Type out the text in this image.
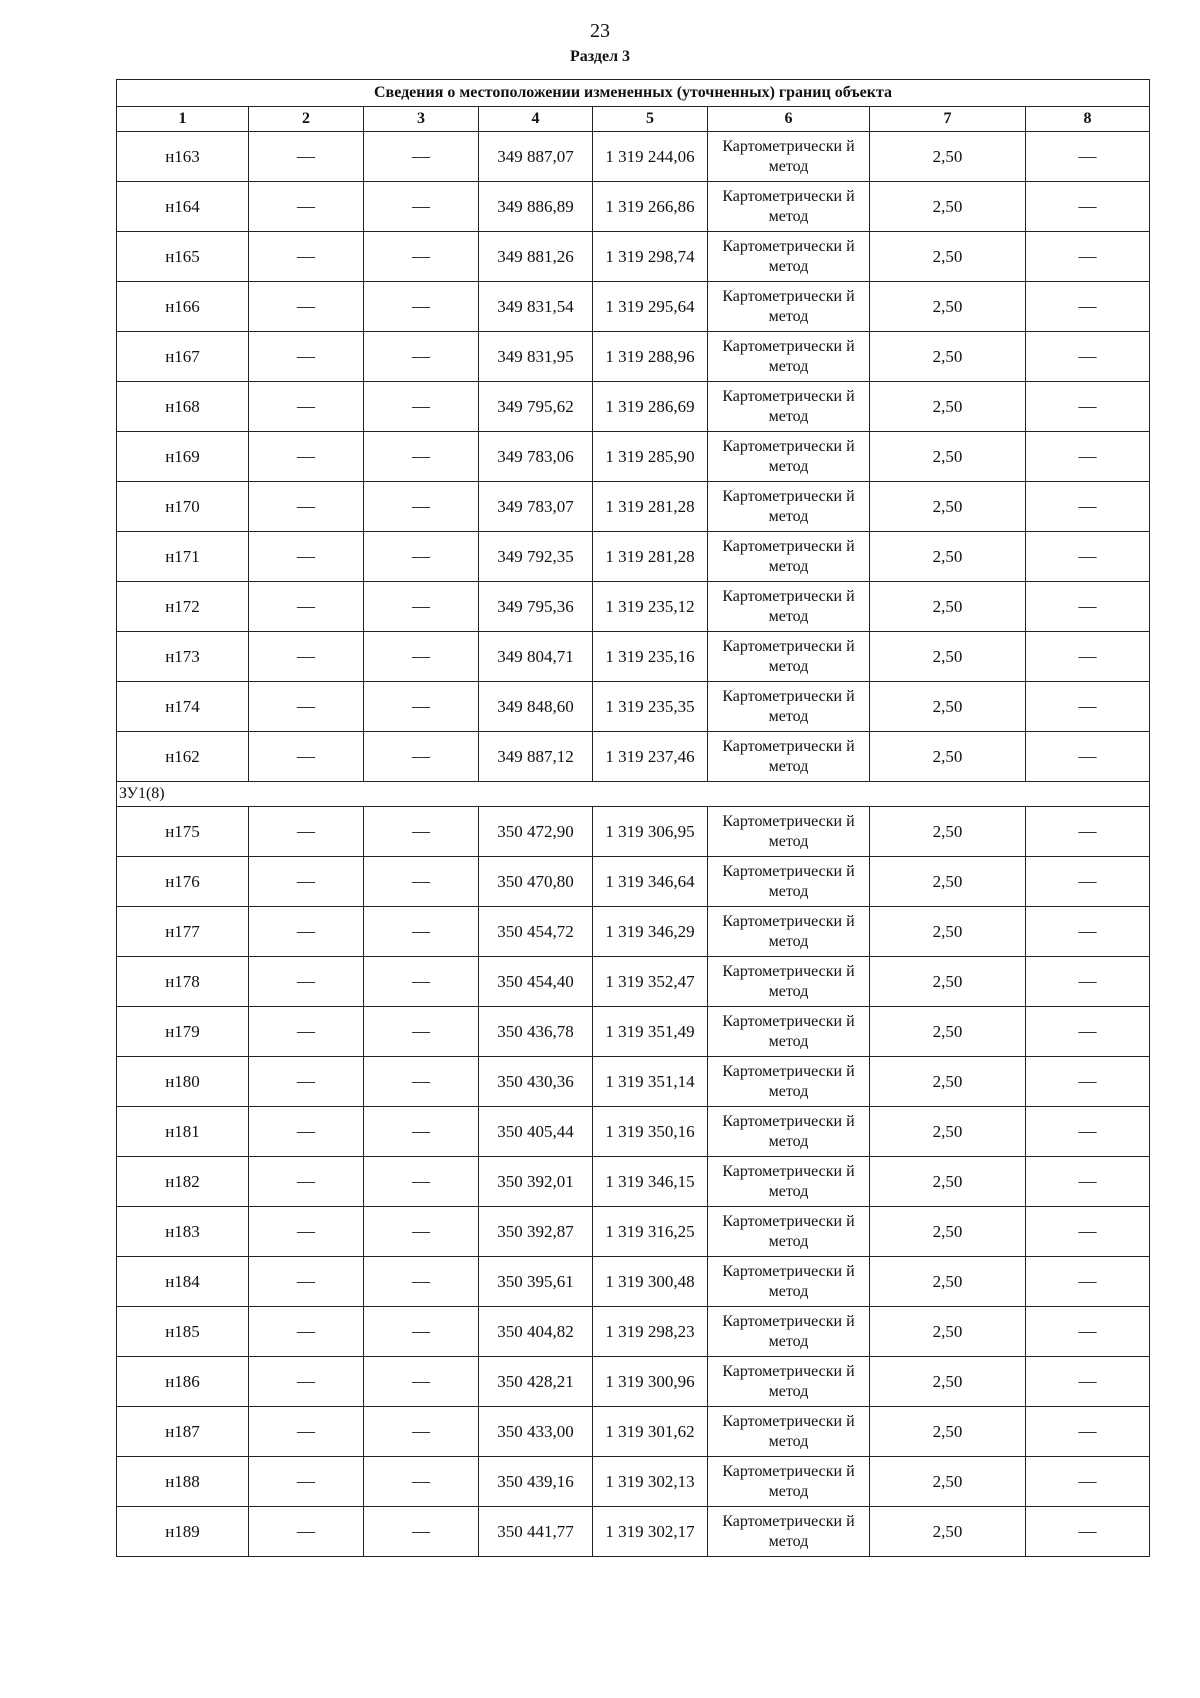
23
Раздел 3
Сведения о местоположении измененных (уточненных) границ объекта							
1	2	3	4	5	6	7	8
н163	—	—	349 887,07	1 319 244,06	Картометрически й метод	2,50	—
н164	—	—	349 886,89	1 319 266,86	Картометрически й метод	2,50	—
н165	—	—	349 881,26	1 319 298,74	Картометрически й метод	2,50	—
н166	—	—	349 831,54	1 319 295,64	Картометрически й метод	2,50	—
н167	—	—	349 831,95	1 319 288,96	Картометрически й метод	2,50	—
н168	—	—	349 795,62	1 319 286,69	Картометрически й метод	2,50	—
н169	—	—	349 783,06	1 319 285,90	Картометрически й метод	2,50	—
н170	—	—	349 783,07	1 319 281,28	Картометрически й метод	2,50	—
н171	—	—	349 792,35	1 319 281,28	Картометрически й метод	2,50	—
н172	—	—	349 795,36	1 319 235,12	Картометрически й метод	2,50	—
н173	—	—	349 804,71	1 319 235,16	Картометрически й метод	2,50	—
н174	—	—	349 848,60	1 319 235,35	Картометрически й метод	2,50	—
н162	—	—	349 887,12	1 319 237,46	Картометрически й метод	2,50	—
ЗУ1(8)							
н175	—	—	350 472,90	1 319 306,95	Картометрически й метод	2,50	—
н176	—	—	350 470,80	1 319 346,64	Картометрически й метод	2,50	—
н177	—	—	350 454,72	1 319 346,29	Картометрически й метод	2,50	—
н178	—	—	350 454,40	1 319 352,47	Картометрически й метод	2,50	—
н179	—	—	350 436,78	1 319 351,49	Картометрически й метод	2,50	—
н180	—	—	350 430,36	1 319 351,14	Картометрически й метод	2,50	—
н181	—	—	350 405,44	1 319 350,16	Картометрически й метод	2,50	—
н182	—	—	350 392,01	1 319 346,15	Картометрически й метод	2,50	—
н183	—	—	350 392,87	1 319 316,25	Картометрически й метод	2,50	—
н184	—	—	350 395,61	1 319 300,48	Картометрически й метод	2,50	—
н185	—	—	350 404,82	1 319 298,23	Картометрически й метод	2,50	—
н186	—	—	350 428,21	1 319 300,96	Картометрически й метод	2,50	—
н187	—	—	350 433,00	1 319 301,62	Картометрически й метод	2,50	—
н188	—	—	350 439,16	1 319 302,13	Картометрически й метод	2,50	—
н189	—	—	350 441,77	1 319 302,17	Картометрически й метод	2,50	—
